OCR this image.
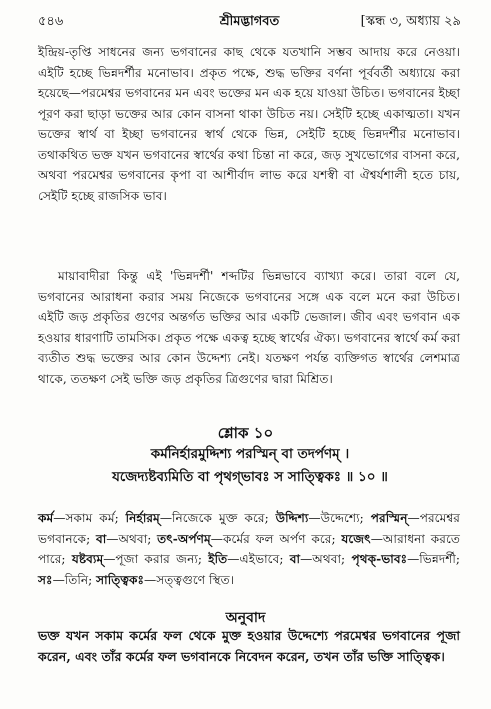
৫৪৬	শ্রীমদ্ভাগবত	[স্কন্ধ ৩, অধ্যায় ২৯

ইন্দ্রিয়-তৃপ্তি সাধনের জন্য ভগবানের কাছ থেকে যতখানি সম্ভব আদায় করে নেওয়া। এইটি হচ্ছে ভিন্নদর্শীর মনোভাব। প্রকৃত পক্ষে, শুদ্ধ ভক্তির বর্ণনা পূর্ববর্তী অধ্যায়ে করা হয়েছে—পরমেশ্বর ভগবানের মন এবং ভক্তের মন এক হয়ে যাওয়া উচিত। ভগবানের ইচ্ছা পূরণ করা ছাড়া ভক্তের আর কোন বাসনা থাকা উচিত নয়। সেইটি হচ্ছে একাত্মতা। যখন ভক্তের স্বার্থ বা ইচ্ছা ভগবানের স্বার্থ থেকে ভিন্ন, সেইটি হচ্ছে ভিন্নদর্শীর মনোভাব। তথাকথিত ভক্ত যখন ভগবানের স্বার্থের কথা চিন্তা না করে, জড় সুখভোগের বাসনা করে, অথবা পরমেশ্বর ভগবানের কৃপা বা আশীর্বাদ লাভ করে যশস্বী বা ঐশ্বর্যশালী হতে চায়, সেইটি হচ্ছে রাজসিক ভাব।

মায়াবাদীরা কিন্তু এই 'ভিন্নদর্শী' শব্দটির ভিন্নভাবে ব্যাখ্যা করে। তারা বলে যে, ভগবানের আরাধনা করার সময় নিজেকে ভগবানের সঙ্গে এক বলে মনে করা উচিত। এইটি জড় প্রকৃতির গুণের অন্তর্গত ভক্তির আর একটি ভেজাল। জীব এবং ভগবান এক হওয়ার ধারণাটি তামসিক। প্রকৃত পক্ষে একত্ব হচ্ছে স্বার্থের ঐক্য। ভগবানের স্বার্থে কর্ম করা ব্যতীত শুদ্ধ ভক্তের আর কোন উদ্দেশ্য নেই। যতক্ষণ পর্যন্ত ব্যক্তিগত স্বার্থের লেশমাত্র থাকে, ততক্ষণ সেই ভক্তি জড় প্রকৃতির ত্রিগুণের দ্বারা মিশ্রিত।

শ্লোক ১০
কর্মনির্হারমুদ্দিশ্য পরস্মিন্ বা তদর্পণম্ ।
যজেদ্যষ্টব্যমিতি বা পৃথগ্ভাবঃ স সাত্ত্বিকঃ ॥ ১০ ॥

কর্ম—সকাম কর্ম; নির্হারম্—নিজেকে মুক্ত করে; উদ্দিশ্য—উদ্দেশ্যে; পরস্মিন্—পরমেশ্বর ভগবানকে; বা—অথবা; তৎ-অর্পণম্—কর্মের ফল অর্পণ করে; যজেৎ—আরাধনা করতে পারে; যষ্টব্যম্—পূজা করার জন্য; ইতি—এইভাবে; বা—অথবা; পৃথক্-ভাবঃ—ভিন্নদর্শী; সঃ—তিনি; সাত্ত্বিকঃ—সত্ত্বগুণে স্থিত।

অনুবাদ

ভক্ত যখন সকাম কর্মের ফল থেকে মুক্ত হওয়ার উদ্দেশ্যে পরমেশ্বর ভগবানের পূজা করেন, এবং তাঁর কর্মের ফল ভগবানকে নিবেদন করেন, তখন তাঁর ভক্তি সাত্ত্বিক।
